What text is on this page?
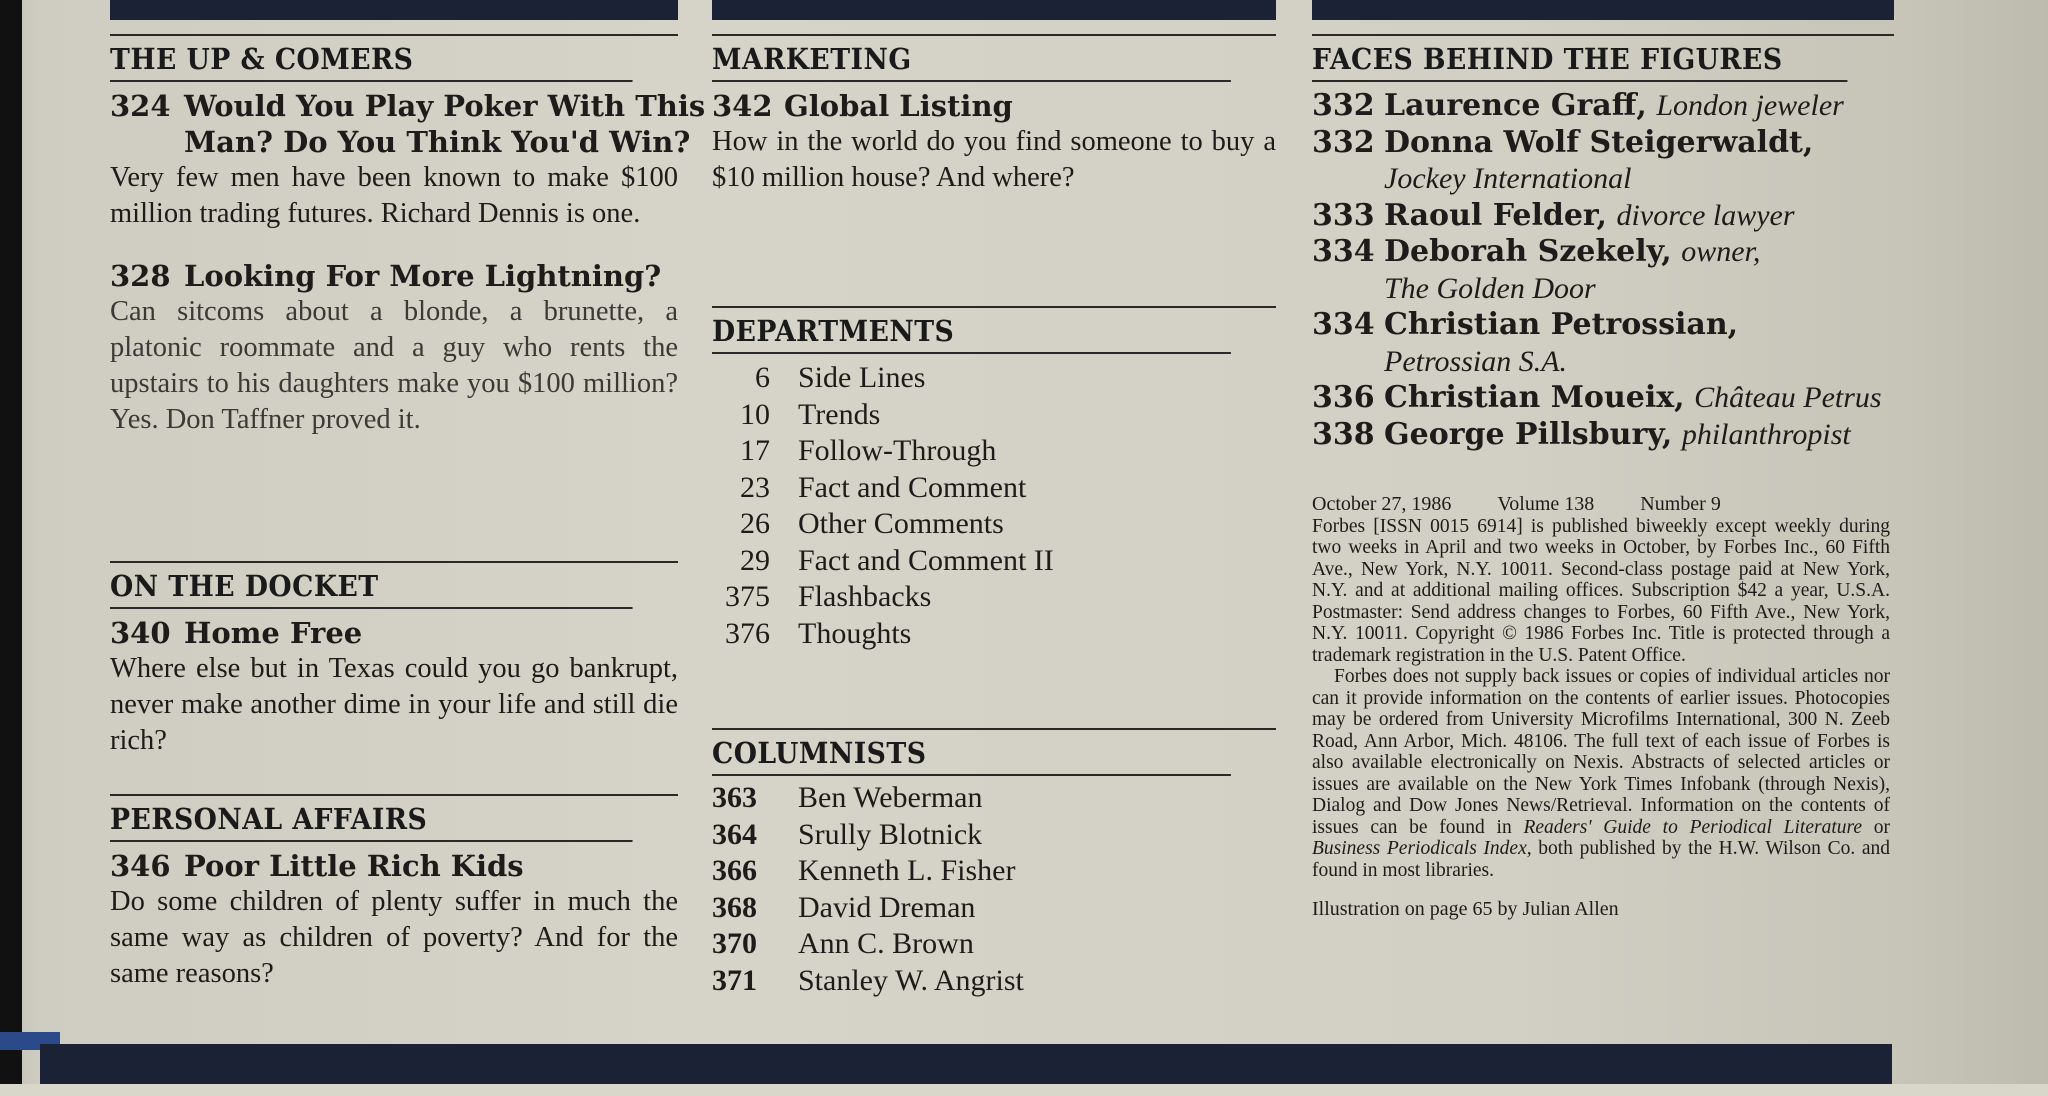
THE UP & COMERS
324 Would You Play Poker With This
Man? Do You Think You'd Win?
Very few men have been known to make $100 million trading futures. Richard Dennis is one.
328 Looking For More Lightning?
Can sitcoms about a blonde, a brunette, a platonic roommate and a guy who rents the upstairs to his daughters make you $100 million? Yes. Don Taffner proved it.
ON THE DOCKET
340 Home Free
Where else but in Texas could you go bankrupt, never make another dime in your life and still die rich?
PERSONAL AFFAIRS
346 Poor Little Rich Kids
Do some children of plenty suffer in much the same way as children of poverty? And for the same reasons?
MARKETING
342 Global Listing
How in the world do you find someone to buy a $10 million house? And where?
DEPARTMENTS
6 Side Lines
10 Trends
17 Follow-Through
23 Fact and Comment
26 Other Comments
29 Fact and Comment II
375 Flashbacks
376 Thoughts
COLUMNISTS
363	Ben Weberman
364	Srully Blotnick
366	Kenneth L. Fisher
368	David Dreman
370	Ann C. Brown
371	Stanley W. Angrist
FACES BEHIND THE FIGURES
332 Laurence Graff, London jeweler
332 Donna Wolf Steigerwaldt,
Jockey International
333 Raoul Felder, divorce lawyer
334 Deborah Szekely, owner,
The Golden Door
334 Christian Petrossian,
Petrossian S.A.
336 Christian Moueix, Château Petrus
338 George Pillsbury, philanthropist
October 27, 1986 Volume 138 Number 9

Forbes [ISSN 0015 6914] is published biweekly except weekly during two weeks in April and two weeks in October, by Forbes Inc., 60 Fifth Ave., New York, N.Y. 10011. Second-class postage paid at New York, N.Y. and at additional mailing offices. Subscription $42 a year, U.S.A. Postmaster: Send address changes to Forbes, 60 Fifth Ave., New York, N.Y. 10011. Copyright © 1986 Forbes Inc. Title is protected through a trademark registration in the U.S. Patent Office.

Forbes does not supply back issues or copies of individual articles nor can it provide information on the contents of earlier issues. Photocopies may be ordered from University Microfilms International, 300 N. Zeeb Road, Ann Arbor, Mich. 48106. The full text of each issue of Forbes is also available electronically on Nexis. Abstracts of selected articles or issues are available on the New York Times Infobank (through Nexis), Dialog and Dow Jones News/Retrieval. Information on the contents of issues can be found in Readers' Guide to Periodical Literature or Business Periodicals Index, both published by the H.W. Wilson Co. and found in most libraries.

Illustration on page 65 by Julian Allen
